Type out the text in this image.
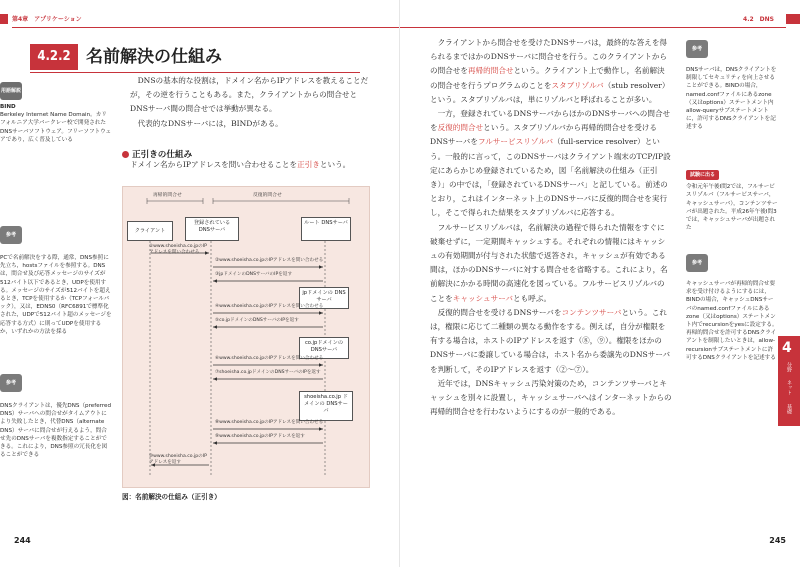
第4章　アプリケーション
4.2.2 名前解決の仕組み
用語解説
BIND
Berkeley Internet Name Domain。カリフォルニア大学バークレー校で開発されたDNSサーバソフトウェア。フリーソフトウェアであり，広く普及している
参考
PCで名前解決をする際，通常，DNS参照に先立ち，hostsファイルを参照する。DNSは，問合せ及び応答メッセージのサイズが512バイト以下であるとき，UDPを使用する。メッセージのサイズが512バイトを超えるとき，TCPを使用するか（TCPフォールバック），又は，EDNS0（RFC6891で標準化された，UDPで512バイト超のメッセージを応答する方式）に則ってUDPを使用するか，いずれかの方法を採る
参考
DNSクライアントは，優先DNS（preferred DNS）サーバへの問合せがタイムアウトにより失敗したとき，代替DNS（alternate DNS）サーバに問合せが行えるよう，問合せ先のDNSサーバを複数指定することができる。これにより，DNS参照の冗長化を図ることができる

DNSの基本的な役割は，ドメイン名からIPアドレスを教えることだが，その逆を行うこともある。また，クライアントからの問合せとDNSサーバ間の問合せでは挙動が異なる。

代表的なDNSサーバには，BINDがある。

正引きの仕組み
ドメイン名からIPアドレスを問い合わせることを正引きという。
再帰的問合せ	反復的問合せ
クライアント
登録されている DNSサーバ
ルート DNSサーバ
jpドメインの DNSサーバ
co.jpドメインの DNSサーバ
shoeisha.co.jp ドメインの DNSサーバ
①www.shoeisha.co.jpのIPアドレスを問い合わせる
②www.shoeisha.co.jpのIPアドレスを問い合わせる
③jpドメインのDNSサーバのIPを返す
④www.shoeisha.co.jpのIPアドレスを問い合わせる
⑤co.jpドメインのDNSサーバのIPを返す
⑥www.shoeisha.co.jpのIPアドレスを問い合わせる
⑦shoeisha.co.jpドメインのDNSサーバのIPを返す
⑧www.shoeisha.co.jpのIPアドレスを問い合わせる
⑨www.shoeisha.co.jpのIPアドレスを返す
⑩www.shoeisha.co.jpのIPアドレスを返す
図：名前解決の仕組み（正引き）
244
4.2　DNS

クライアントから問合せを受けたDNSサーバは，最終的な答えを得られるまではかのDNSサーバに問合せを行う。このクライアントからの問合せを再帰的問合せという。クライアント上で動作し，名前解決の問合せを行うプログラムのことをスタブリゾルバ（stub resolver）という。スタブリゾルバは，単にリゾルバと呼ばれることが多い。

一方，登録されているDNSサーバからほかのDNSサーバへの問合せを反復的問合せという。スタブリゾルバから再帰的問合せを受けるDNSサーバをフルサービスリゾルバ（full-service resolver）という。一般的に言って，このDNSサーバはクライアント端末のTCP/IP設定にあらかじめ登録されているため，図「名前解決の仕組み（正引き）」の中では，「登録されているDNSサーバ」と記している。前述のとおり，これはインターネット上のDNSサーバに反復的問合せを実行し，そこで得られた結果をスタブリゾルバに応答する。

フルサービスリゾルバは，名前解決の過程で得られた情報をすぐに破棄せずに，一定期間キャッシュする。それぞれの情報にはキャッシュの有効期間が付与された状態で返答され，キャッシュが有効である間は，ほかのDNSサーバに対する問合せを省略する。これにより，名前解決にかかる時間の高速化を図っている。フルサービスリゾルバのことをキャッシュサーバとも呼ぶ。

反復的問合せを受けるDNSサーバをコンテンツサーバという。これは，権限に応じて二種類の異なる動作をする。例えば，自分が権限を有する場合は，ホストのIPアドレスを返す（⑧，⑨）。権限をほかのDNSサーバに委譲している場合は，ホスト名から委譲先のDNSサーバを判断して，そのIPアドレスを返す（②〜⑦）。

近年では，DNSキャッシュ汚染対策のため，コンテンツサーバとキャッシュを別々に設置し，キャッシュサーバへはインターネットからの再帰的問合せを行わないようにするのが一般的である。

参考
DNSサーバは，DNSクライアントを制限してセキュリティを向上させることができる。BINDの場合，named.confファイルにあるzone（又はoptions）ステートメント内allow-queryサブステートメントに，許可するDNSクライアントを記述する
試験に出る
令和元年午後I問2では，フルサービスリゾルバ（フルサービスサーバ，キャッシュサーバ），コンテンツサーバが出題された。平成26年午後I問3では，キャッシュサーバが出題された
参考
キャッシュサーバが再帰的問合せ要求を受け付けるようにするには，BINDの場合，キャッシュDNSサーバのnamed.confファイルにあるzone（又はoptions）ステートメント内でrecursionをyesに設定する。再帰的問合せを許可するDNSクライアントを制限したいときは，allow-recursionサブステートメントに許可するDNSクライアントを記述する
245
4
分野
ネット
基礎
